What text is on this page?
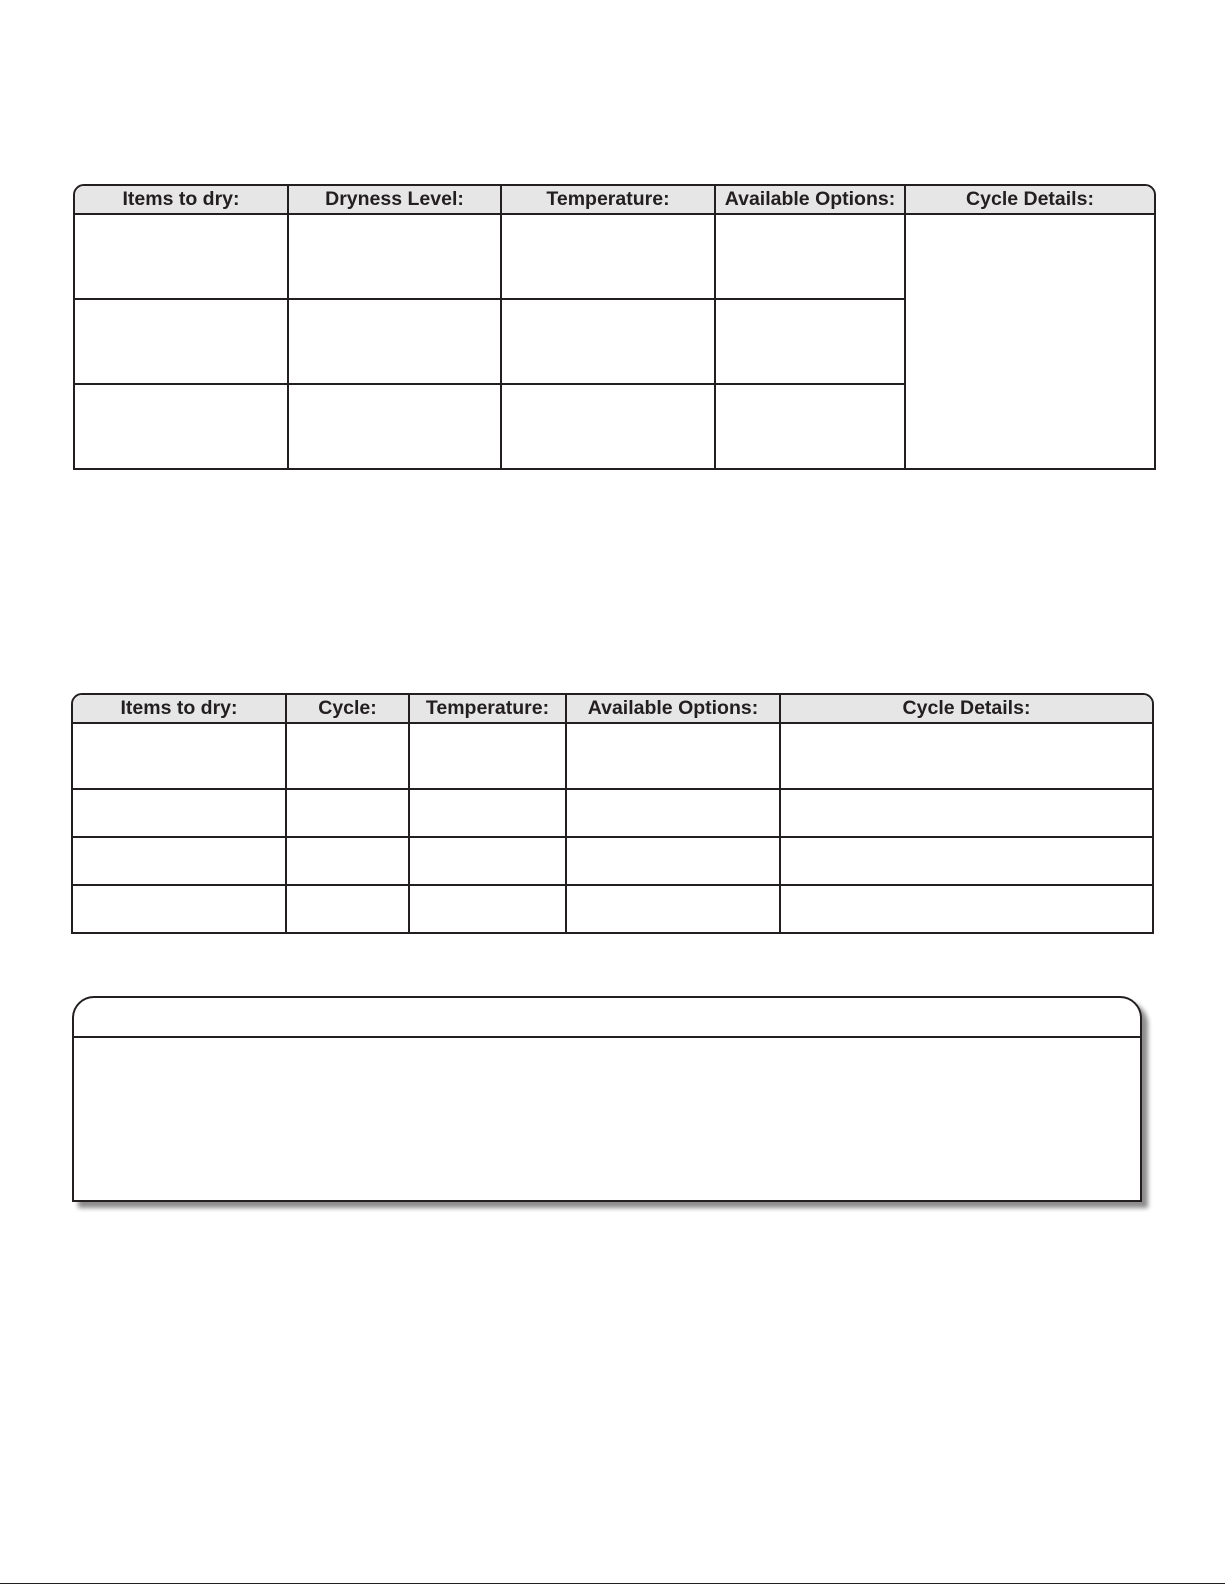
Items to dry:	Dryness Level:	Temperature:	Available Options:	Cycle Details:

Items to dry:	Cycle:	Temperature:	Available Options:	Cycle Details:
